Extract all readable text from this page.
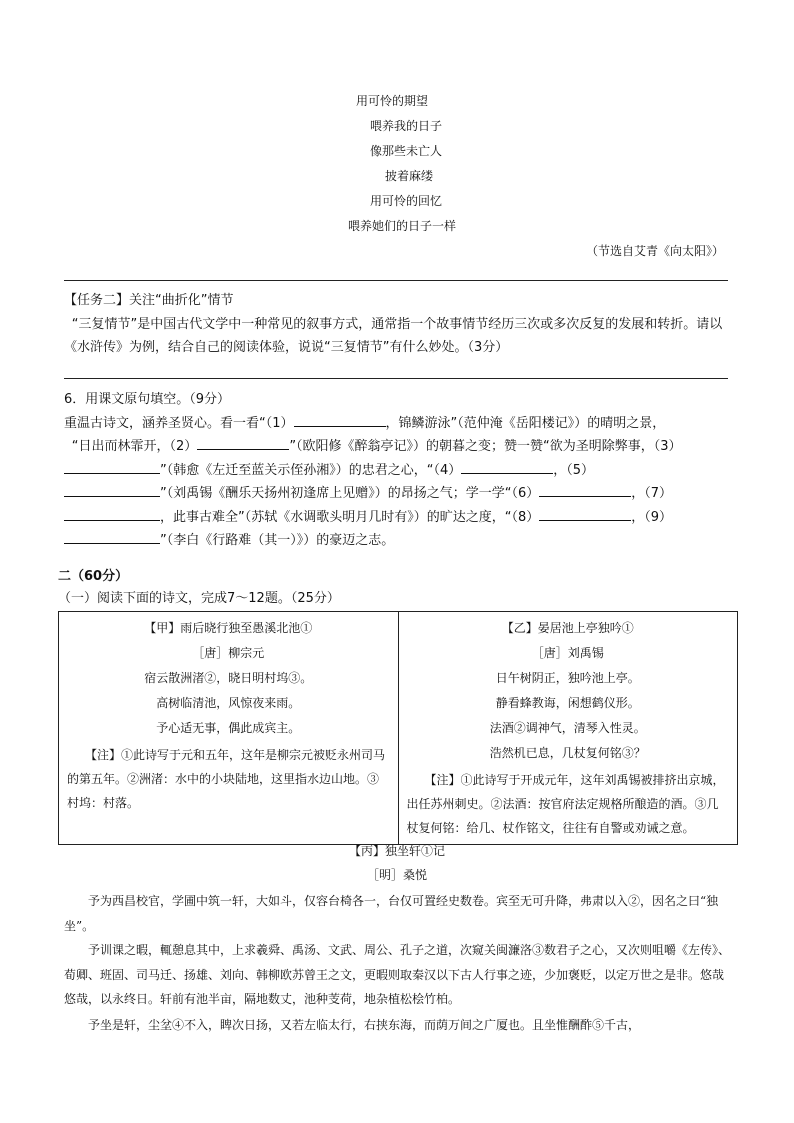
用可怜的期望
喂养我的日子
像那些未亡人
披着麻缕
用可怜的回忆
喂养她们的日子一样
（节选自艾青《向太阳》）
【任务二】关注“曲折化”情节
“三复情节”是中国古代文学中一种常见的叙事方式，通常指一个故事情节经历三次或多次反复的发展和转折。请以《水浒传》为例，结合自己的阅读体验，说说“三复情节”有什么妙处。（3分）
6．用课文原句填空。（9分）
重温古诗文，涵养圣贤心。看一看“（1）	，锦鳞游泳”（范仲淹《岳阳楼记》）的晴明之景，
“日出而林霏开，（2）	”（欧阳修《醉翁亭记》）的朝暮之变；赞一赞“欲为圣明除弊事，（3）
”（韩愈《左迁至蓝关示侄孙湘》）的忠君之心，“（4）	，（5）
”（刘禹锡《酬乐天扬州初逢席上见赠》）的昂扬之气；学一学“（6）	，（7）
，此事古难全”（苏轼《水调歌头明月几时有》）的旷达之度，“（8）	，（9）
”（李白《行路难（其一）》）的豪迈之志。
二（60分）
（一）阅读下面的诗文，完成7～12题。（25分）
【甲】雨后晓行独至愚溪北池①
［唐］柳宗元
宿云散洲渚②，晓日明村坞③。
高树临清池，风惊夜来雨。
予心适无事，偶此成宾主。
【注】①此诗写于元和五年，这年是柳宗元被贬永州司马的第五年。②洲渚：水中的小块陆地，这里指水边山地。③村坞：村落。

【乙】晏居池上亭独吟①
［唐］刘禹锡
日午树阴正，独吟池上亭。
静看蜂教诲，闲想鹤仪形。
法酒②调神气，清琴入性灵。
浩然机已息，几杖复何铭③？
【注】①此诗写于开成元年，这年刘禹锡被排挤出京城，出任苏州刺史。②法酒：按官府法定规格所酿造的酒。③几杖复何铭：给几、杖作铭文，往往有自警或劝诫之意。
【丙】独坐轩①记
［明］桑悦
予为西昌校官，学圃中筑一轩，大如斗，仅容台椅各一，台仅可置经史数卷。宾至无可升降，弗肃以入②，因名之曰“独坐”。
予训课之暇，輒憩息其中，上求羲舜、禹汤、文武、周公、孔子之道，次窥关闽濂洛③数君子之心，又次则咀嚼《左传》、荀卿、班固、司马迁、扬雄、刘向、韩柳欧苏曾王之文，更暇则取秦汉以下古人行事之迹，少加褒贬，以定万世之是非。悠哉悠哉，以永终日。轩前有池半亩，隔地数丈，池种芰荷，地杂植松桧竹柏。
予坐是轩，尘坌④不入，睥次日扬，又若左临太行，右挟东海，而荫万间之广厦也。且坐惟酬酢⑤千古，
